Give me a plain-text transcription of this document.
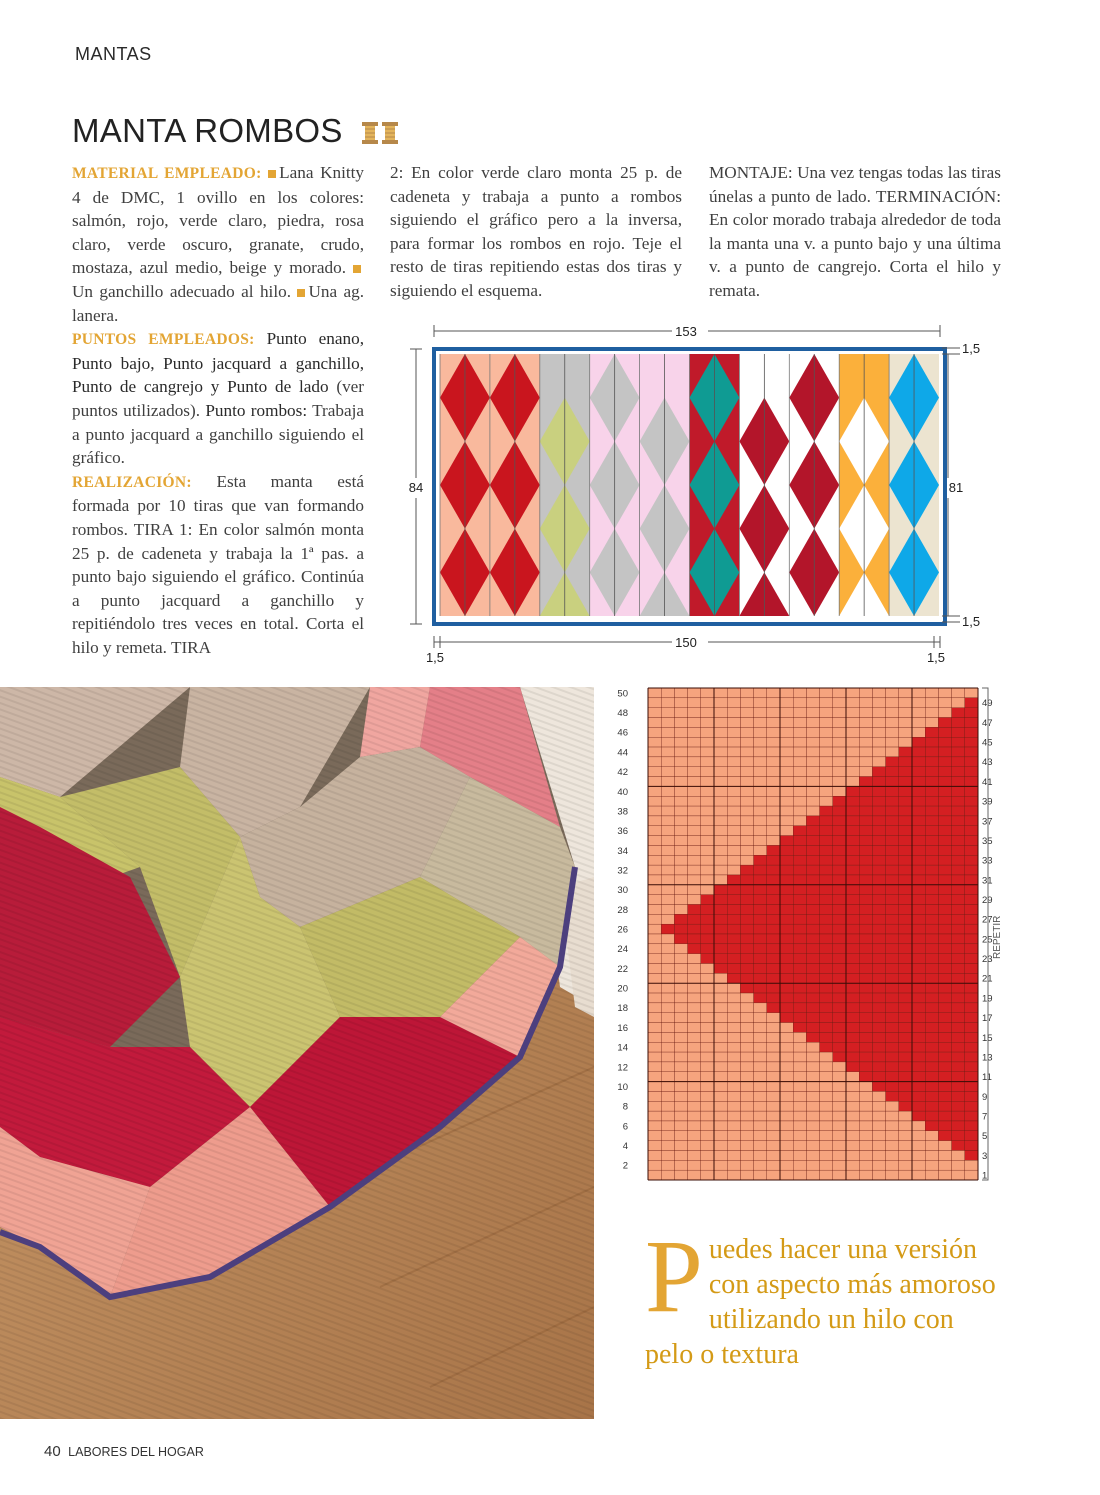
MANTAS
MANTA ROMBOS
MATERIAL EMPLEADO: Lana Knitty 4 de DMC, 1 ovillo en los colores: salmón, rojo, verde claro, piedra, rosa claro, verde oscuro, granate, crudo, mostaza, azul medio, beige y morado. Un ganchillo adecuado al hilo. Una ag. lanera.
PUNTOS EMPLEADOS: Punto enano, Punto bajo, Punto jacquard a ganchillo, Punto de cangrejo y Punto de lado (ver puntos utilizados). Punto rombos: Trabaja a punto jacquard a ganchillo siguiendo el gráfico.
REALIZACIÓN: Esta manta está formada por 10 tiras que van formando rombos. TIRA 1: En color salmón monta 25 p. de cadeneta y trabaja la 1ª pas. a punto bajo siguiendo el gráfico. Continúa a punto jacquard a ganchillo y repitiéndolo tres veces en total. Corta el hilo y remeta. TIRA
2: En color verde claro monta 25 p. de cadeneta y trabaja a punto a rombos siguiendo el gráfico pero a la inversa, para formar los rombos en rojo. Teje el resto de tiras repitiendo estas dos tiras y siguiendo el esquema.
MONTAJE: Una vez tengas todas las tiras únelas a punto de lado. TERMINACIÓN: En color morado trabaja alrededor de toda la manta una v. a punto bajo y una última v. a punto de cangrejo. Corta el hilo y remata.
153
150
84	81
1,5
1,5
1,5	1,5
50
48
46
44
42
40
38
36
34
32
30
28
26
24
22
20
18
16
14
12
10
8
6
4
2
49
47
45
43
41
39
37
35
33
31
29
27
25
23
21
19
17
15
13
11
9
7
5
3
1
REPETIR
Puedes hacer una versión con aspecto más amoroso utilizando un hilo con pelo o textura
40 LABORES DEL HOGAR
